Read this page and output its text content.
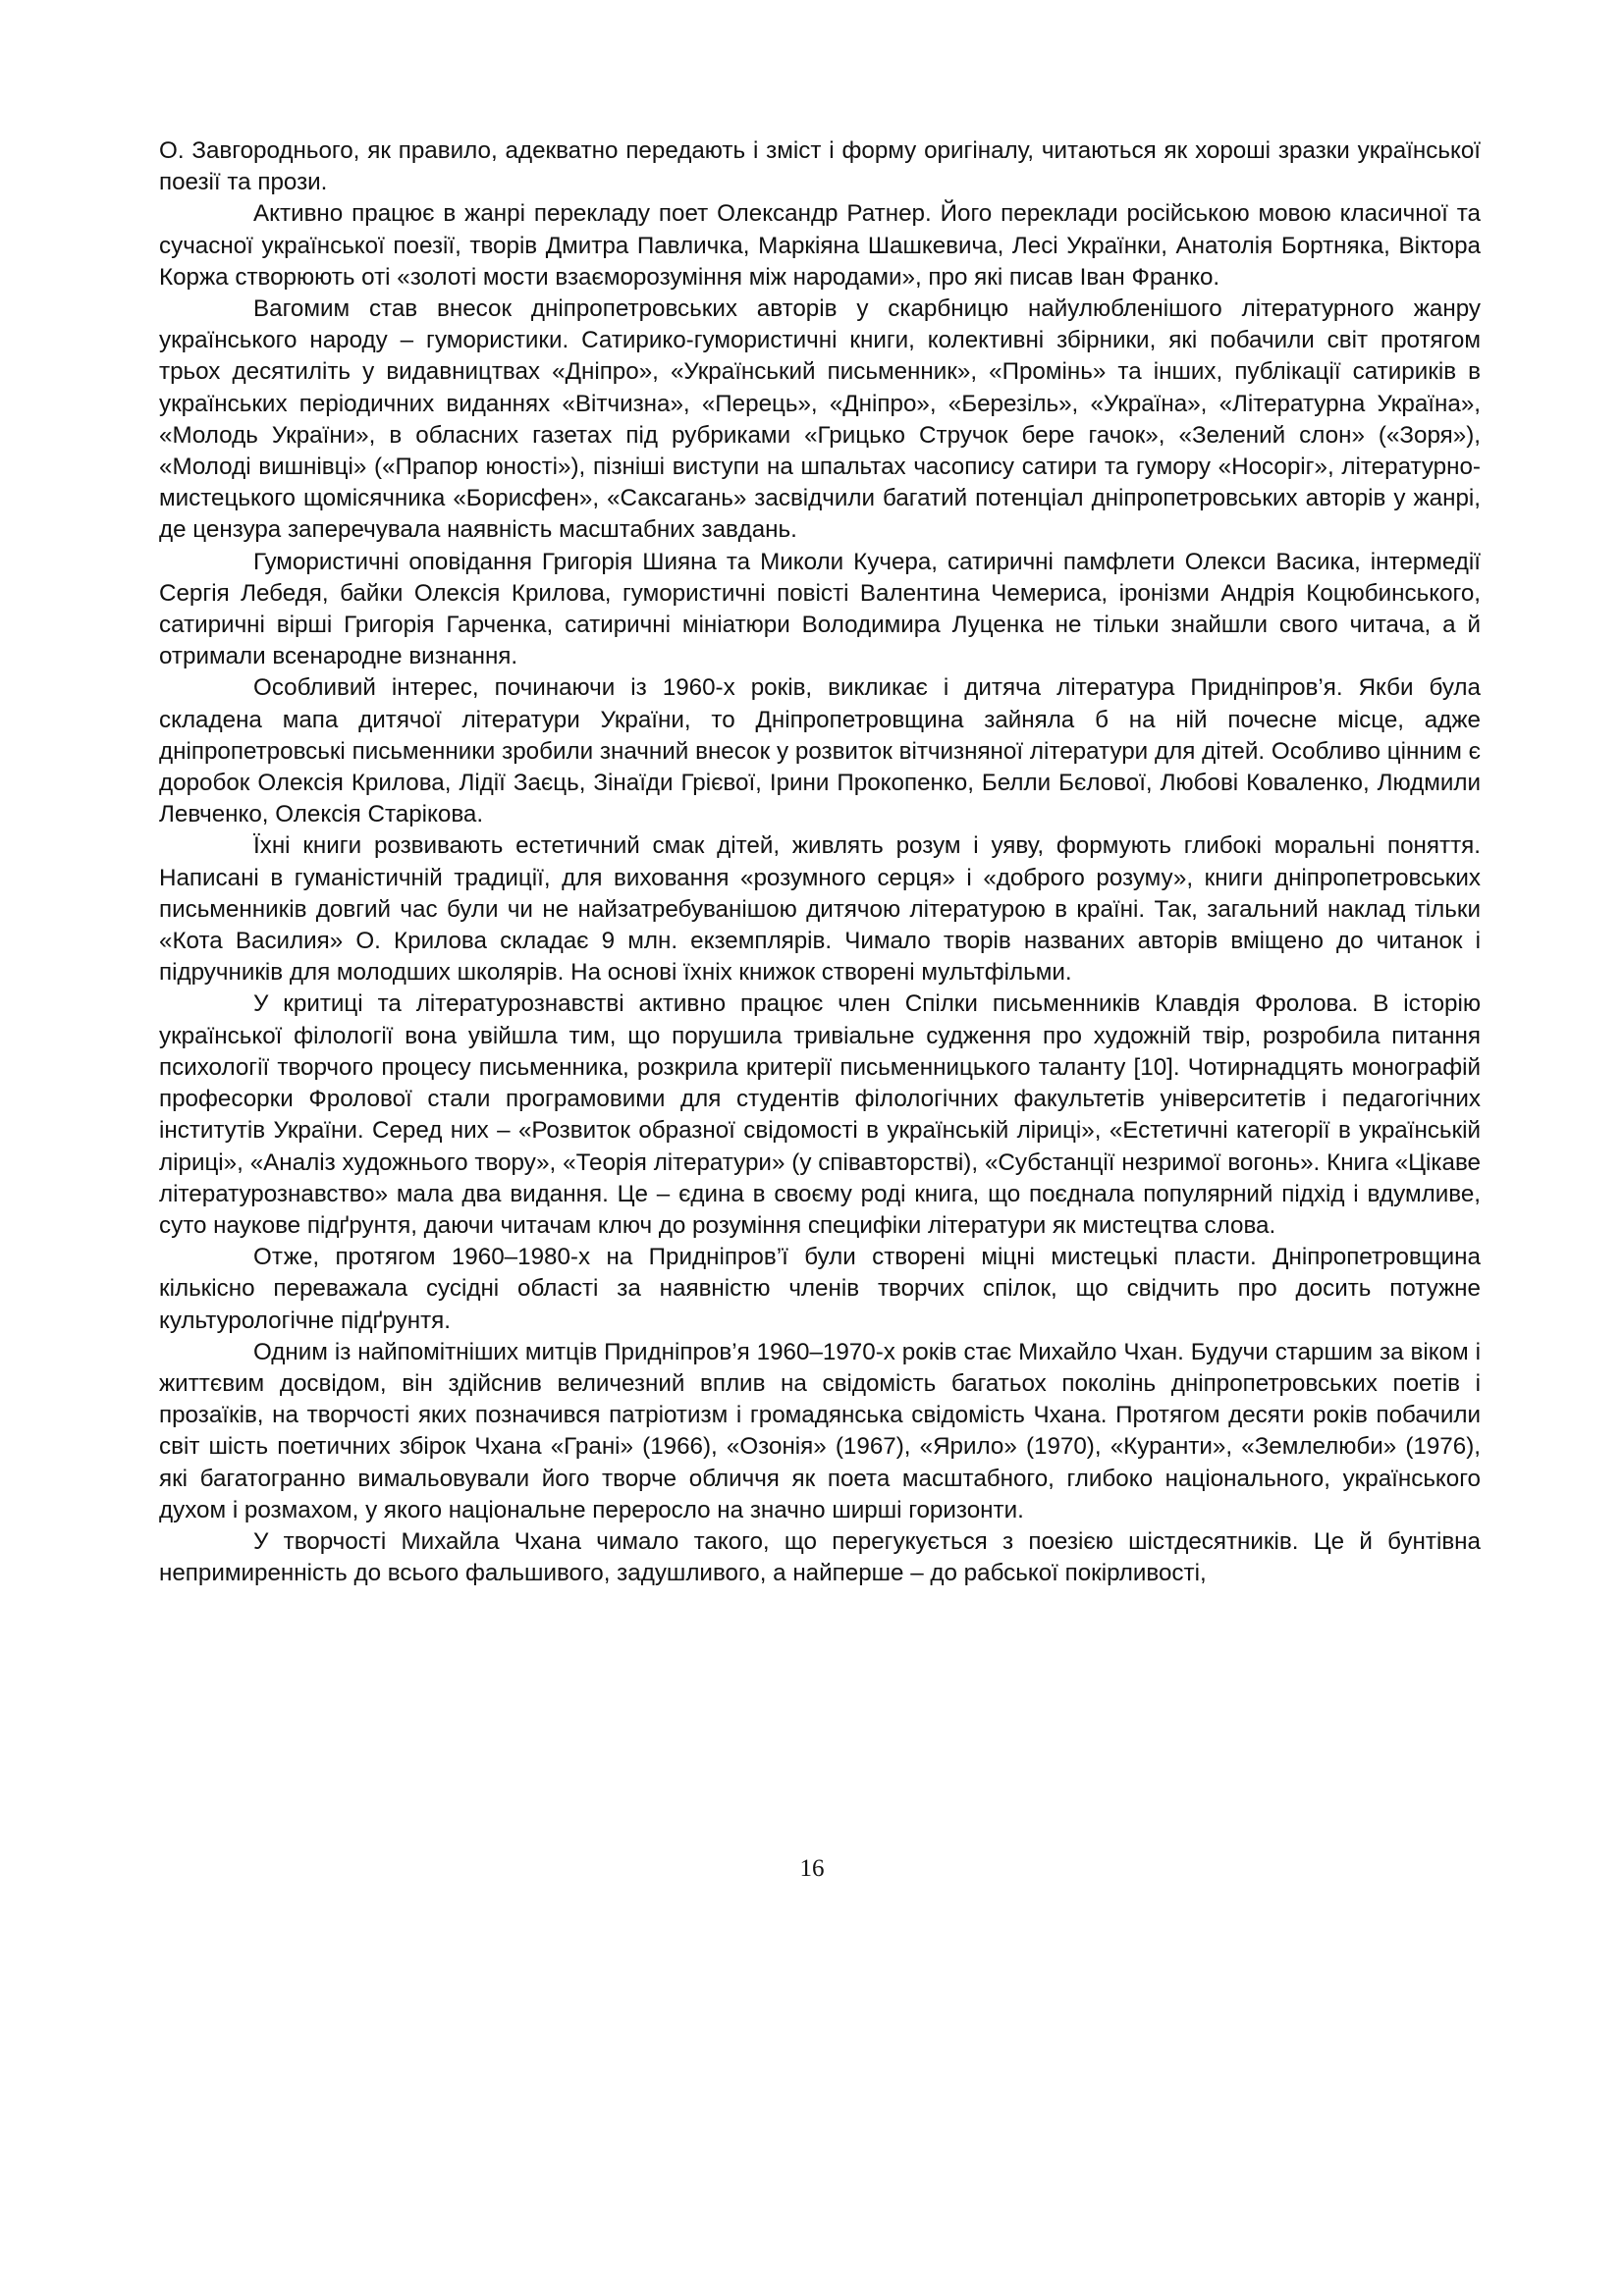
О. Завгороднього, як правило, адекватно передають і зміст і форму оригіналу, читаються як хороші зразки української поезії та прози.

Активно працює в жанрі перекладу поет Олександр Ратнер. Його переклади російською мовою класичної та сучасної української поезії, творів Дмитра Павличка, Маркіяна Шашкевича, Лесі Українки, Анатолія Бортняка, Віктора Коржа створюють оті «золоті мости взаєморозуміння між народами», про які писав Іван Франко.

Вагомим став внесок дніпропетровських авторів у скарбницю найулюбленішого літературного жанру українського народу – гумористики. Сатирико-гумористичні книги, колективні збірники, які побачили світ протягом трьох десятиліть у видавництвах «Дніпро», «Український письменник», «Промінь» та інших, публікації сатириків в українських періодичних виданнях «Вітчизна», «Перець», «Дніпро», «Березіль», «Україна», «Літературна Україна», «Молодь України», в обласних газетах під рубриками «Грицько Стручок бере гачок», «Зелений слон» («Зоря»), «Молоді вишнівці» («Прапор юності»), пізніші виступи на шпальтах часопису сатири та гумору «Носоріг», літературно-мистецького щомісячника «Борисфен», «Саксагань» засвідчили багатий потенціал дніпропетровських авторів у жанрі, де цензура заперечувала наявність масштабних завдань.

Гумористичні оповідання Григорія Шияна та Миколи Кучера, сатиричні памфлети Олекси Васика, інтермедії Сергія Лебедя, байки Олексія Крилова, гумористичні повісті Валентина Чемериса, іронізми Андрія Коцюбинського, сатиричні вірші Григорія Гарченка, сатиричні мініатюри Володимира Луценка не тільки знайшли свого читача, а й отримали всенародне визнання.

Особливий інтерес, починаючи із 1960-х років, викликає і дитяча література Придніпров’я. Якби була складена мапа дитячої літератури України, то Дніпропетровщина зайняла б на ній почесне місце, адже дніпропетровські письменники зробили значний внесок у розвиток вітчизняної літератури для дітей. Особливо цінним є доробок Олексія Крилова, Лідії Заєць, Зінаїди Грієвої, Ірини Прокопенко, Белли Бєлової, Любові Коваленко, Людмили Левченко, Олексія Старікова.

Їхні книги розвивають естетичний смак дітей, живлять розум і уяву, формують глибокі моральні поняття. Написані в гуманістичній традиції, для виховання «розумного серця» і «доброго розуму», книги дніпропетровських письменників довгий час були чи не найзатребуванішою дитячою літературою в країні. Так, загальний наклад тільки «Кота Василия» О. Крилова складає 9 млн. екземплярів. Чимало творів названих авторів вміщено до читанок і підручників для молодших школярів. На основі їхніх книжок створені мультфільми.

У критиці та літературознавстві активно працює член Спілки письменників Клавдія Фролова. В історію української філології вона увійшла тим, що порушила тривіальне судження про художній твір, розробила питання психології творчого процесу письменника, розкрила критерії письменницького таланту [10]. Чотирнадцять монографій професорки Фролової стали програмовими для студентів філологічних факультетів університетів і педагогічних інститутів України. Серед них – «Розвиток образної свідомості в українській ліриці», «Естетичні категорії в українській ліриці», «Аналіз художнього твору», «Теорія літератури» (у співавторстві), «Субстанції незримої вогонь». Книга «Цікаве літературознавство» мала два видання. Це – єдина в своєму роді книга, що поєднала популярний підхід і вдумливе, суто наукове підґрунтя, даючи читачам ключ до розуміння специфіки літератури як мистецтва слова.

Отже, протягом 1960–1980-х на Придніпров’ї були створені міцні мистецькі пласти. Дніпропетровщина кількісно переважала сусідні області за наявністю членів творчих спілок, що свідчить про досить потужне культурологічне підґрунтя.

Одним із найпомітніших митців Придніпров’я 1960–1970-х років стає Михайло Чхан. Будучи старшим за віком і життєвим досвідом, він здійснив величезний вплив на свідомість багатьох поколінь дніпропетровських поетів і прозаїків, на творчості яких позначився патріотизм і громадянська свідомість Чхана. Протягом десяти років побачили світ шість поетичних збірок Чхана «Грані» (1966), «Озонія» (1967), «Ярило» (1970), «Куранти», «Землелюби» (1976), які багатогранно вимальовували його творче обличчя як поета масштабного, глибоко національного, українського духом і розмахом, у якого національне переросло на значно ширші горизонти.

У творчості Михайла Чхана чимало такого, що перегукується з поезією шістдесятників. Це й бунтівна непримиренність до всього фальшивого, задушливого, а найперше – до рабської покірливості,

16
